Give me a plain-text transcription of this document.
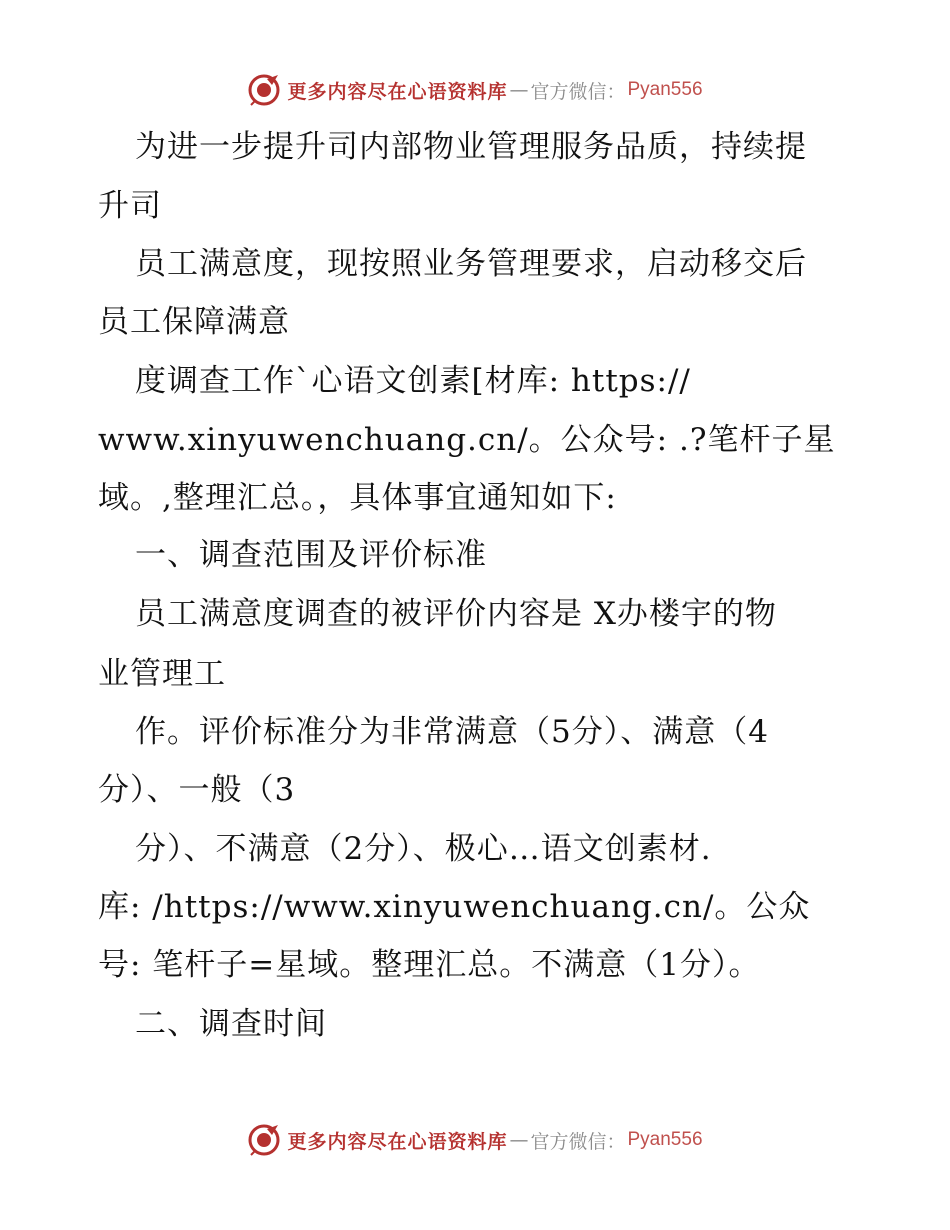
更多内容尽在心语资料库 — 官方微信： Pyan556
为进一步提升司内部物业管理服务品质，持续提
升司
员工满意度，现按照业务管理要求，启动移交后
员工保障满意
度调查工作`心语文创素[材库: https://
www.xinyuwenchuang.cn/。公众号: .?笔杆子星
域。,整理汇总。，具体事宜通知如下:
一、调查范围及评价标准
员工满意度调查的被评价内容是 X办楼宇的物
业管理工
作。评价标准分为非常满意（5分）、满意（4
分）、一般（3
分）、不满意（2分）、极心…语文创素材.
库: /https://www.xinyuwenchuang.cn/。公众
号: 笔杆子=星域。整理汇总。不满意（1分）。
二、调查时间
更多内容尽在心语资料库 — 官方微信： Pyan556
